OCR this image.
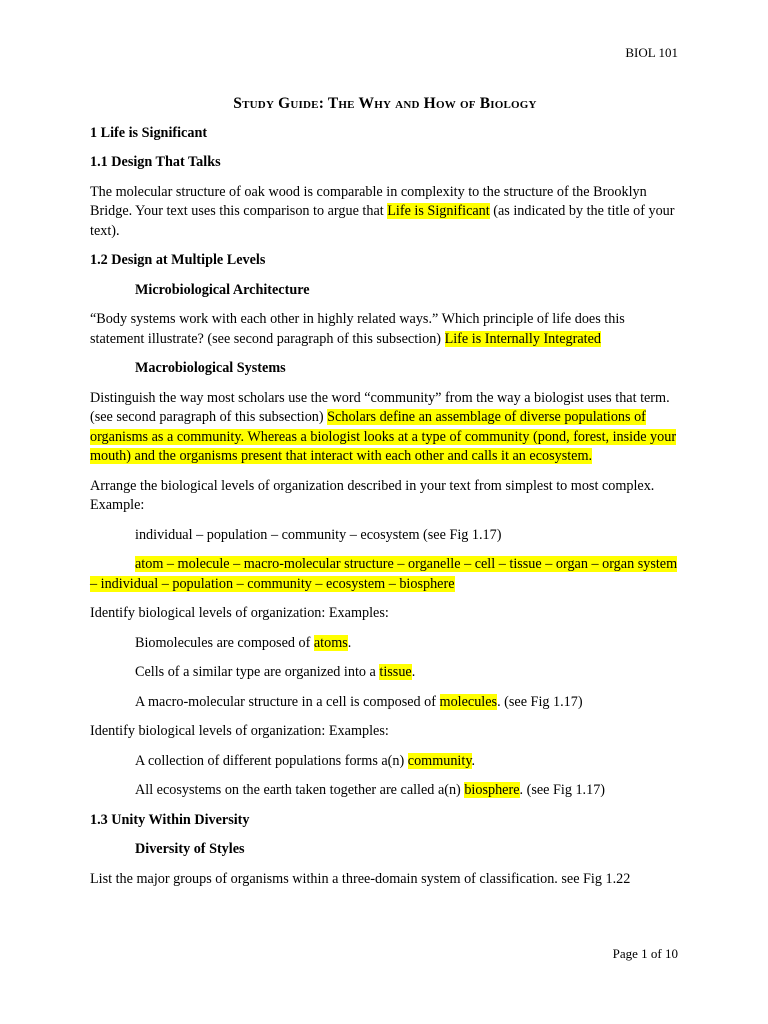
BIOL 101
Study Guide: The Why and How of Biology
1 Life is Significant
1.1 Design That Talks

The molecular structure of oak wood is comparable in complexity to the structure of the Brooklyn Bridge. Your text uses this comparison to argue that Life is Significant (as indicated by the title of your text).

1.2 Design at Multiple Levels
Microbiological Architecture

“Body systems work with each other in highly related ways.” Which principle of life does this statement illustrate? (see second paragraph of this subsection) Life is Internally Integrated

Macrobiological Systems

Distinguish the way most scholars use the word “community” from the way a biologist uses that term. (see second paragraph of this subsection) Scholars define an assemblage of diverse populations of organisms as a community. Whereas a biologist looks at a type of community (pond, forest, inside your mouth) and the organisms present that interact with each other and calls it an ecosystem.

Arrange the biological levels of organization described in your text from simplest to most complex. Example:

individual – population – community – ecosystem (see Fig 1.17)

atom – molecule – macro-molecular structure – organelle – cell – tissue – organ – organ system – individual – population – community – ecosystem – biosphere

Identify biological levels of organization: Examples:

Biomolecules are composed of atoms.

Cells of a similar type are organized into a tissue.

A macro-molecular structure in a cell is composed of molecules. (see Fig 1.17)

Identify biological levels of organization: Examples:

A collection of different populations forms a(n) community.

All ecosystems on the earth taken together are called a(n) biosphere. (see Fig 1.17)

1.3 Unity Within Diversity
Diversity of Styles

List the major groups of organisms within a three-domain system of classification. see Fig 1.22

Page 1 of 10
